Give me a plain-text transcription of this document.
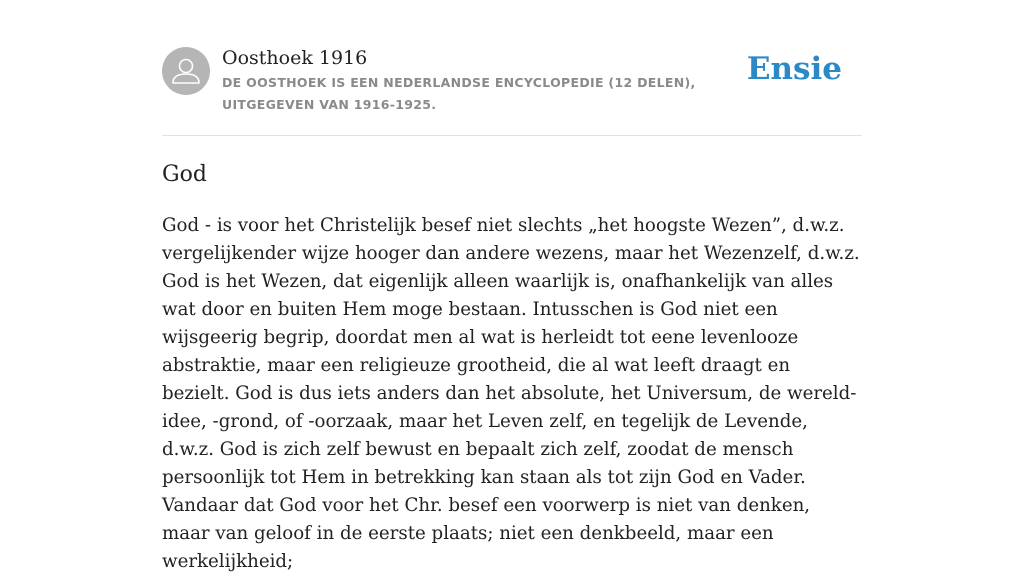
Oosthoek 1916
DE OOSTHOEK IS EEN NEDERLANDSE ENCYCLOPEDIE (12 DELEN), UITGEGEVEN VAN 1916-1925.
Ensie
God

God - is voor het Christelijk besef niet slechts „het hoogste Wezen”, d.w.z. vergelijkender wijze hooger dan andere wezens, maar het Wezenzelf, d.w.z. God is het Wezen, dat eigenlijk alleen waarlijk is, onafhankelijk van alles wat door en buiten Hem moge bestaan. Intusschen is God niet een wijsgeerig begrip, doordat men al wat is herleidt tot eene levenlooze abstraktie, maar een religieuze grootheid, die al wat leeft draagt en bezielt. God is dus iets anders dan het absolute, het Universum, de wereld-idee, -grond, of -oorzaak, maar het Leven zelf, en tegelijk de Levende, d.w.z. God is zich zelf bewust en bepaalt zich zelf, zoodat de mensch persoonlijk tot Hem in betrekking kan staan als tot zijn God en Vader. Vandaar dat God voor het Chr. besef een voorwerp is niet van denken, maar van geloof in de eerste plaats; niet een denkbeeld, maar een werkelijkheid;
